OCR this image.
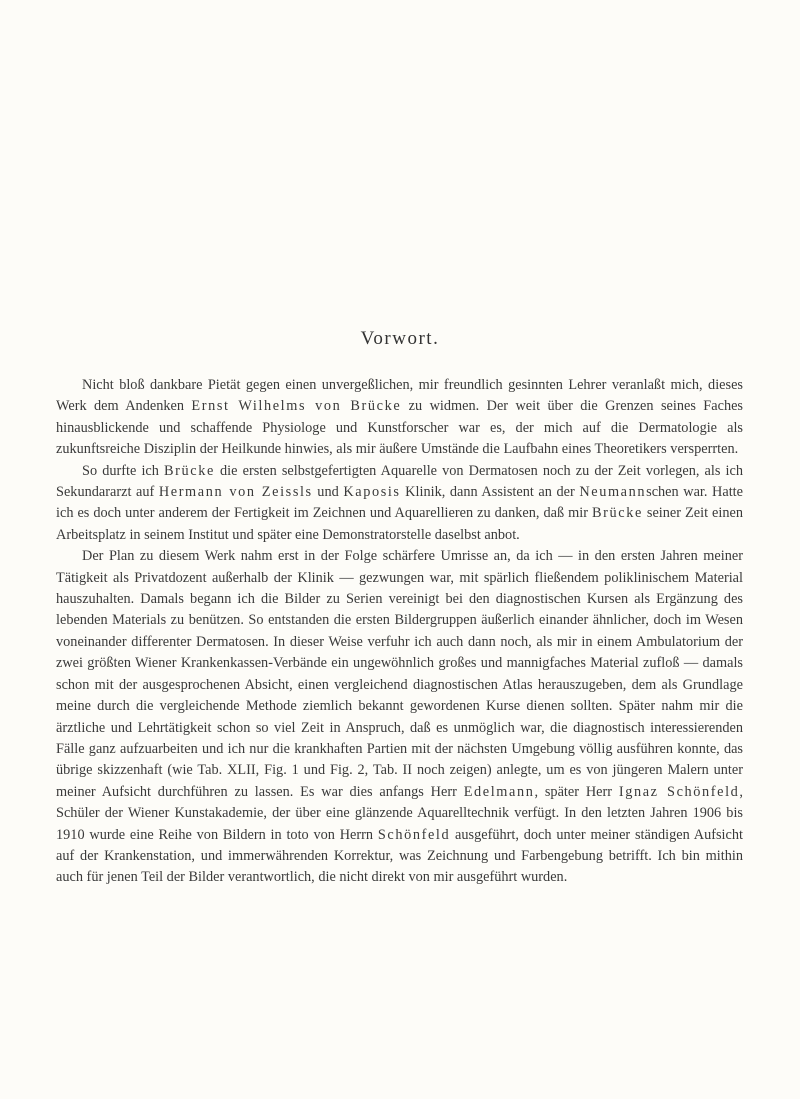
Vorwort.

Nicht bloß dankbare Pietät gegen einen unvergeßlichen, mir freundlich gesinnten Lehrer veranlaßt mich, dieses Werk dem Andenken Ernst Wilhelms von Brücke zu widmen. Der weit über die Grenzen seines Faches hinausblickende und schaffende Physiologe und Kunstforscher war es, der mich auf die Dermatologie als zukunftsreiche Disziplin der Heilkunde hinwies, als mir äußere Umstände die Laufbahn eines Theoretikers versperrten.

So durfte ich Brücke die ersten selbstgefertigten Aquarelle von Dermatosen noch zu der Zeit vorlegen, als ich Sekundararzt auf Hermann von Zeissls und Kaposis Klinik, dann Assistent an der Neumannschen war. Hatte ich es doch unter anderem der Fertigkeit im Zeichnen und Aquarellieren zu danken, daß mir Brücke seiner Zeit einen Arbeitsplatz in seinem Institut und später eine Demonstratorstelle daselbst anbot.

Der Plan zu diesem Werk nahm erst in der Folge schärfere Umrisse an, da ich — in den ersten Jahren meiner Tätigkeit als Privatdozent außerhalb der Klinik — gezwungen war, mit spärlich fließendem poliklinischem Material hauszuhalten. Damals begann ich die Bilder zu Serien vereinigt bei den diagnostischen Kursen als Ergänzung des lebenden Materials zu benützen. So entstanden die ersten Bildergruppen äußerlich einander ähnlicher, doch im Wesen voneinander differenter Dermatosen. In dieser Weise verfuhr ich auch dann noch, als mir in einem Ambulatorium der zwei größten Wiener Krankenkassen-Verbände ein ungewöhnlich großes und mannigfaches Material zufloß — damals schon mit der ausgesprochenen Absicht, einen vergleichend diagnostischen Atlas herauszugeben, dem als Grundlage meine durch die vergleichende Methode ziemlich bekannt gewordenen Kurse dienen sollten. Später nahm mir die ärztliche und Lehrtätigkeit schon so viel Zeit in Anspruch, daß es unmöglich war, die diagnostisch interessierenden Fälle ganz aufzuarbeiten und ich nur die krankhaften Partien mit der nächsten Umgebung völlig ausführen konnte, das übrige skizzenhaft (wie Tab. XLII, Fig. 1 und Fig. 2, Tab. II noch zeigen) anlegte, um es von jüngeren Malern unter meiner Aufsicht durchführen zu lassen. Es war dies anfangs Herr Edelmann, später Herr Ignaz Schönfeld, Schüler der Wiener Kunstakademie, der über eine glänzende Aquarelltechnik verfügt. In den letzten Jahren 1906 bis 1910 wurde eine Reihe von Bildern in toto von Herrn Schönfeld ausgeführt, doch unter meiner ständigen Aufsicht auf der Krankenstation, und immerwährenden Korrektur, was Zeichnung und Farbengebung betrifft. Ich bin mithin auch für jenen Teil der Bilder verantwortlich, die nicht direkt von mir ausgeführt wurden.
